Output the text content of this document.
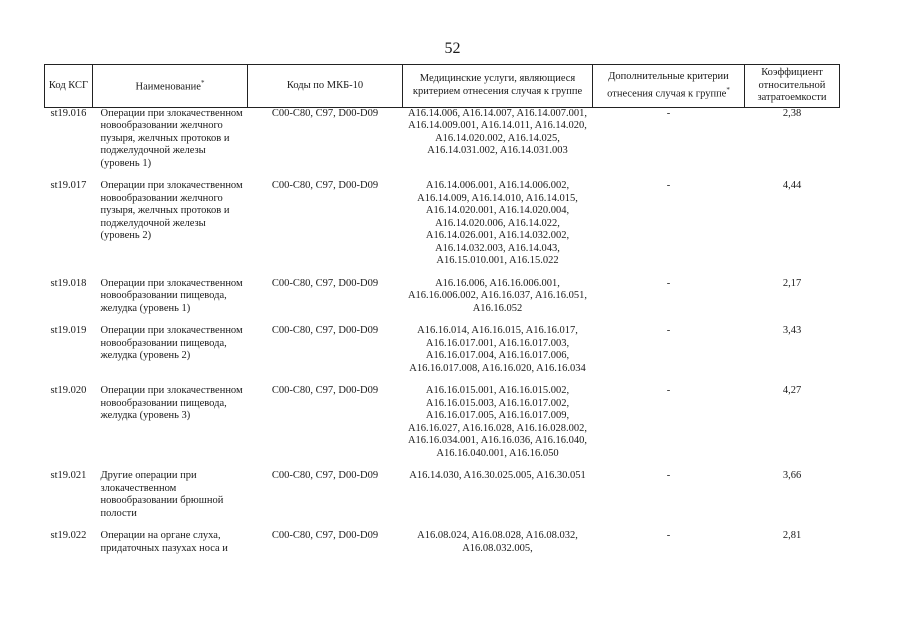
52
Код КСГ	Наименование*	Коды по МКБ-10	Медицинские услуги, являющиеся критерием отнесения случая к группе	Дополнительные критерии отнесения случая к группе*	Коэффициент относительной затратоемкости
st19.016	Операции при злокачественном новообразовании желчного пузыря, желчных протоков и поджелудочной железы (уровень 1)	C00-C80, C97, D00-D09	A16.14.006, A16.14.007, A16.14.007.001, A16.14.009.001, A16.14.011, A16.14.020, A16.14.020.002, A16.14.025, A16.14.031.002, A16.14.031.003	-	2,38
st19.017	Операции при злокачественном новообразовании желчного пузыря, желчных протоков и поджелудочной железы (уровень 2)	C00-C80, C97, D00-D09	A16.14.006.001, A16.14.006.002, A16.14.009, A16.14.010, A16.14.015, A16.14.020.001, A16.14.020.004, A16.14.020.006, A16.14.022, A16.14.026.001, A16.14.032.002, A16.14.032.003, A16.14.043, A16.15.010.001, A16.15.022	-	4,44
st19.018	Операции при злокачественном новообразовании пищевода, желудка (уровень 1)	C00-C80, C97, D00-D09	A16.16.006, A16.16.006.001, A16.16.006.002, A16.16.037, A16.16.051, A16.16.052	-	2,17
st19.019	Операции при злокачественном новообразовании пищевода, желудка (уровень 2)	C00-C80, C97, D00-D09	A16.16.014, A16.16.015, A16.16.017, A16.16.017.001, A16.16.017.003, A16.16.017.004, A16.16.017.006, A16.16.017.008, A16.16.020, A16.16.034	-	3,43
st19.020	Операции при злокачественном новообразовании пищевода, желудка (уровень 3)	C00-C80, C97, D00-D09	A16.16.015.001, A16.16.015.002, A16.16.015.003, A16.16.017.002, A16.16.017.005, A16.16.017.009, A16.16.027, A16.16.028, A16.16.028.002, A16.16.034.001, A16.16.036, A16.16.040, A16.16.040.001, A16.16.050	-	4,27
st19.021	Другие операции при злокачественном новообразовании брюшной полости	C00-C80, C97, D00-D09	A16.14.030, A16.30.025.005, A16.30.051	-	3,66
st19.022	Операции на органе слуха, придаточных пазухах носа и	C00-C80, C97, D00-D09	A16.08.024, A16.08.028, A16.08.032, A16.08.032.005,	-	2,81
